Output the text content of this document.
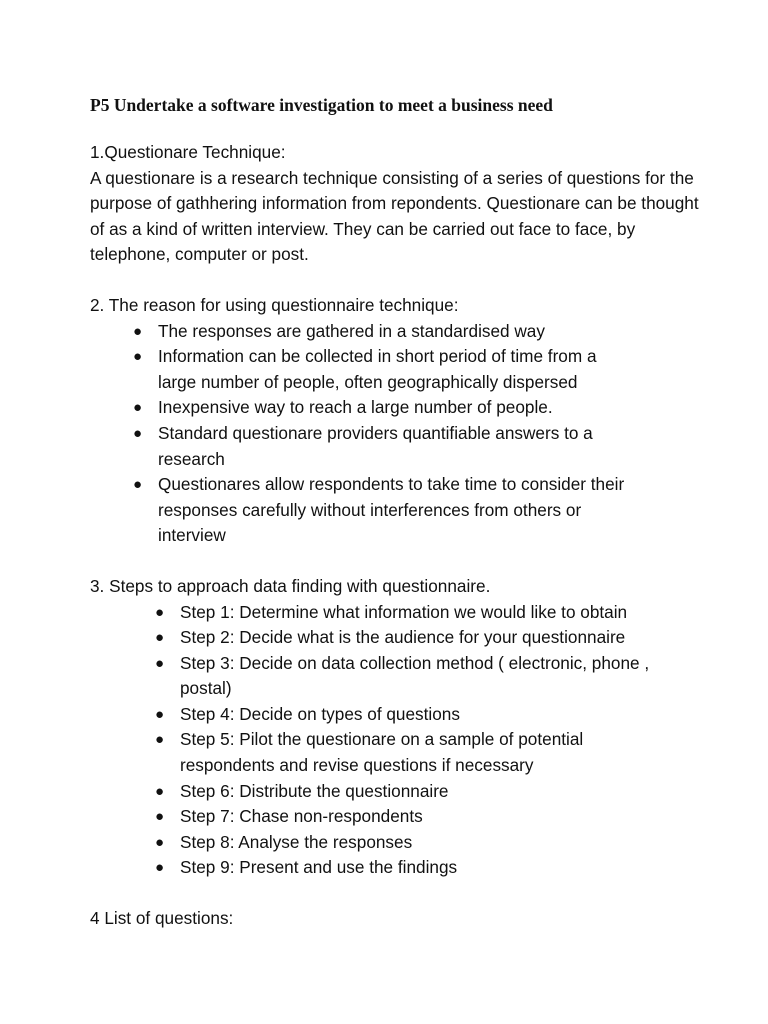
P5 Undertake a software investigation to meet a business need

1.Questionare Technique:

A questionare is a research technique consisting of a series of questions for the purpose of gathhering information from repondents. Questionare can be thought of as a kind of written interview. They can be carried out face to face, by telephone, computer or post.

2. The reason for using questionnaire technique:

● The responses are gathered in a standardised way
● Information can be collected in short period of time from a large number of people, often geographically dispersed
● Inexpensive way to reach a large number of people.
● Standard questionare providers quantifiable answers to a research
● Questionares allow respondents to take time to consider their responses carefully without interferences from others or interview

3. Steps to approach data finding with questionnaire.

● Step 1: Determine what information we would like to obtain
● Step 2: Decide what is the audience for your questionnaire
● Step 3: Decide on data collection method ( electronic, phone , postal)
● Step 4: Decide on types of questions
● Step 5: Pilot the questionare on a sample of potential respondents and revise questions if necessary
● Step 6: Distribute the questionnaire
● Step 7: Chase non-respondents
● Step 8: Analyse the responses
● Step 9: Present and use the findings

4 List of questions:
